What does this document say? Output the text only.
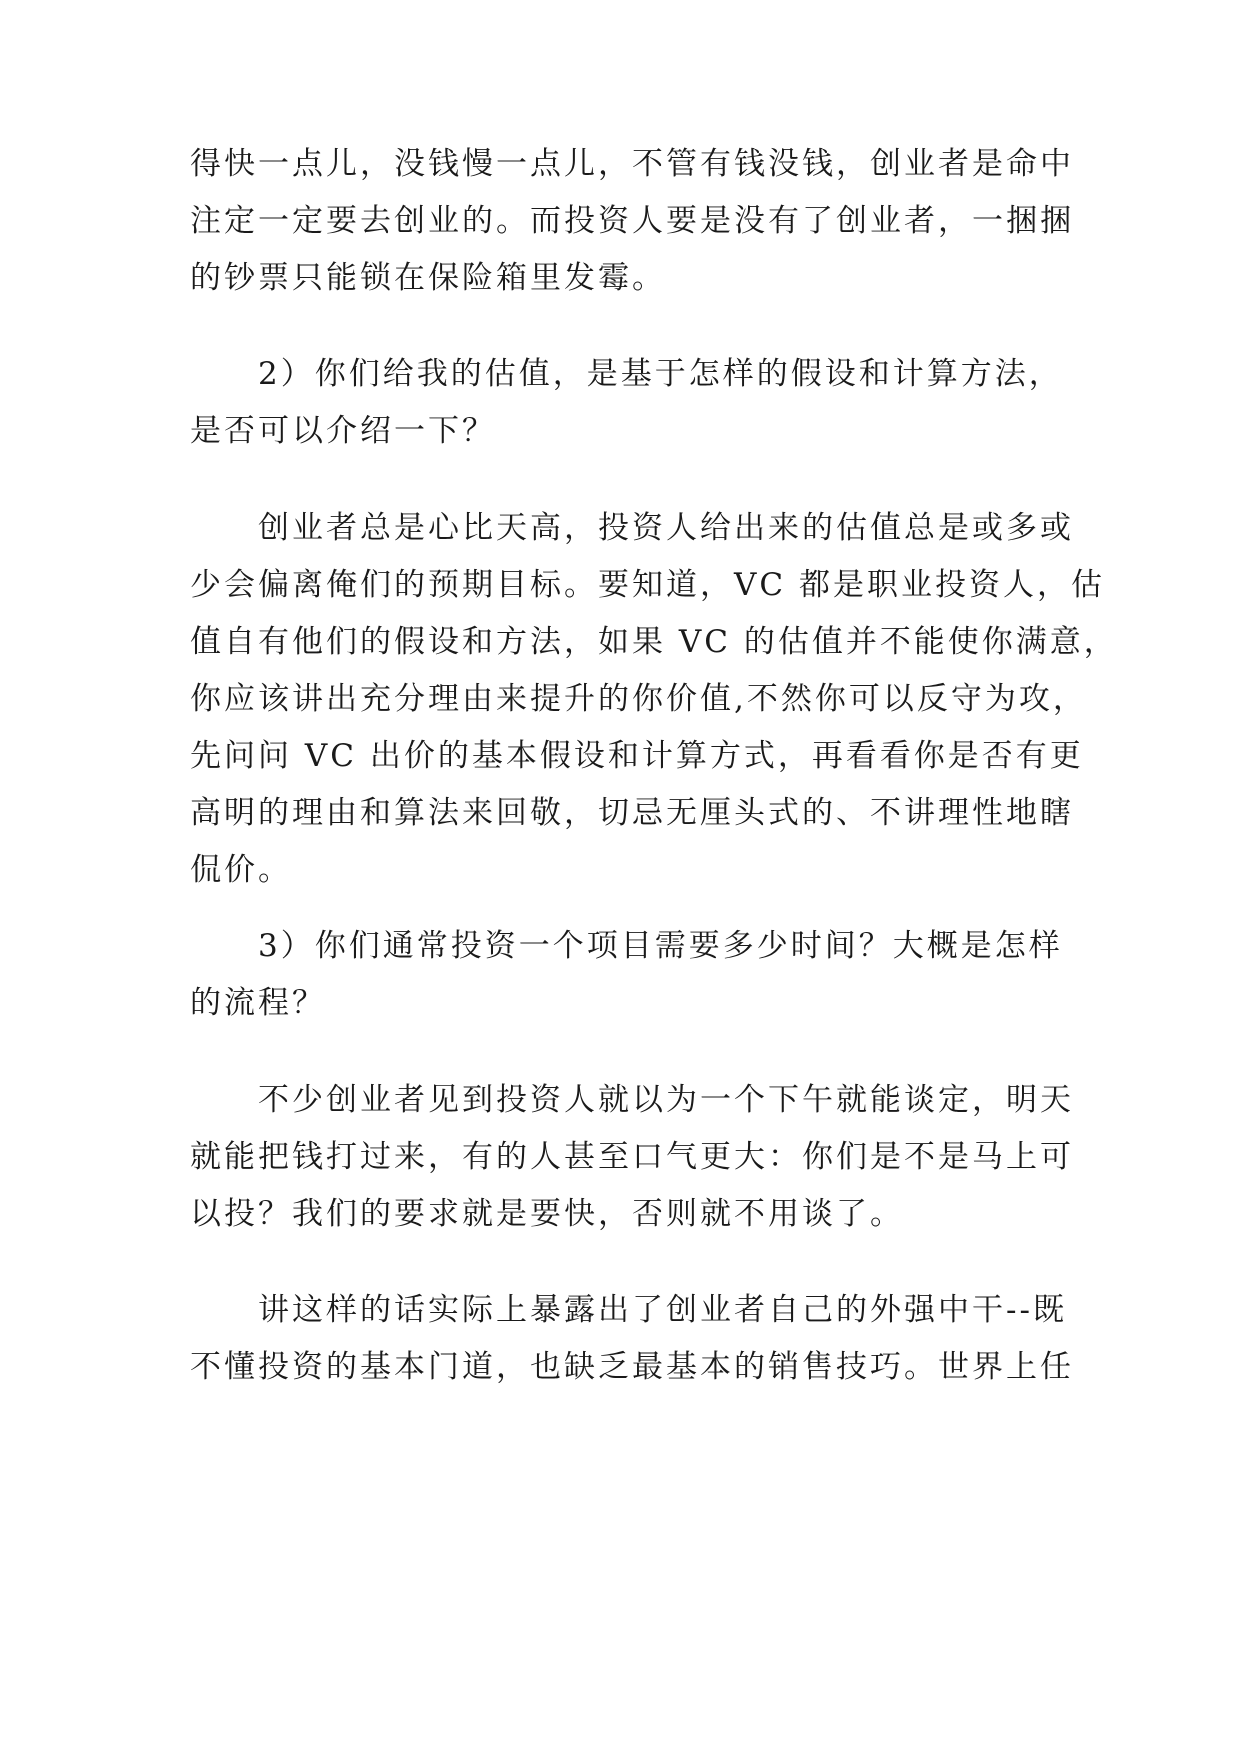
得快一点儿，没钱慢一点儿，不管有钱没钱，创业者是命中
注定一定要去创业的。而投资人要是没有了创业者，一捆捆
的钞票只能锁在保险箱里发霉。
2）你们给我的估值，是基于怎样的假设和计算方法，
是否可以介绍一下？
创业者总是心比天高，投资人给出来的估值总是或多或
少会偏离俺们的预期目标。要知道，VC 都是职业投资人，估
值自有他们的假设和方法，如果 VC 的估值并不能使你满意，
你应该讲出充分理由来提升的你价值,不然你可以反守为攻，
先问问 VC 出价的基本假设和计算方式，再看看你是否有更
高明的理由和算法来回敬，切忌无厘头式的、不讲理性地瞎
侃价。
3）你们通常投资一个项目需要多少时间？大概是怎样
的流程？
不少创业者见到投资人就以为一个下午就能谈定，明天
就能把钱打过来，有的人甚至口气更大：你们是不是马上可
以投？我们的要求就是要快，否则就不用谈了。
讲这样的话实际上暴露出了创业者自己的外强中干--既
不懂投资的基本门道，也缺乏最基本的销售技巧。世界上任
